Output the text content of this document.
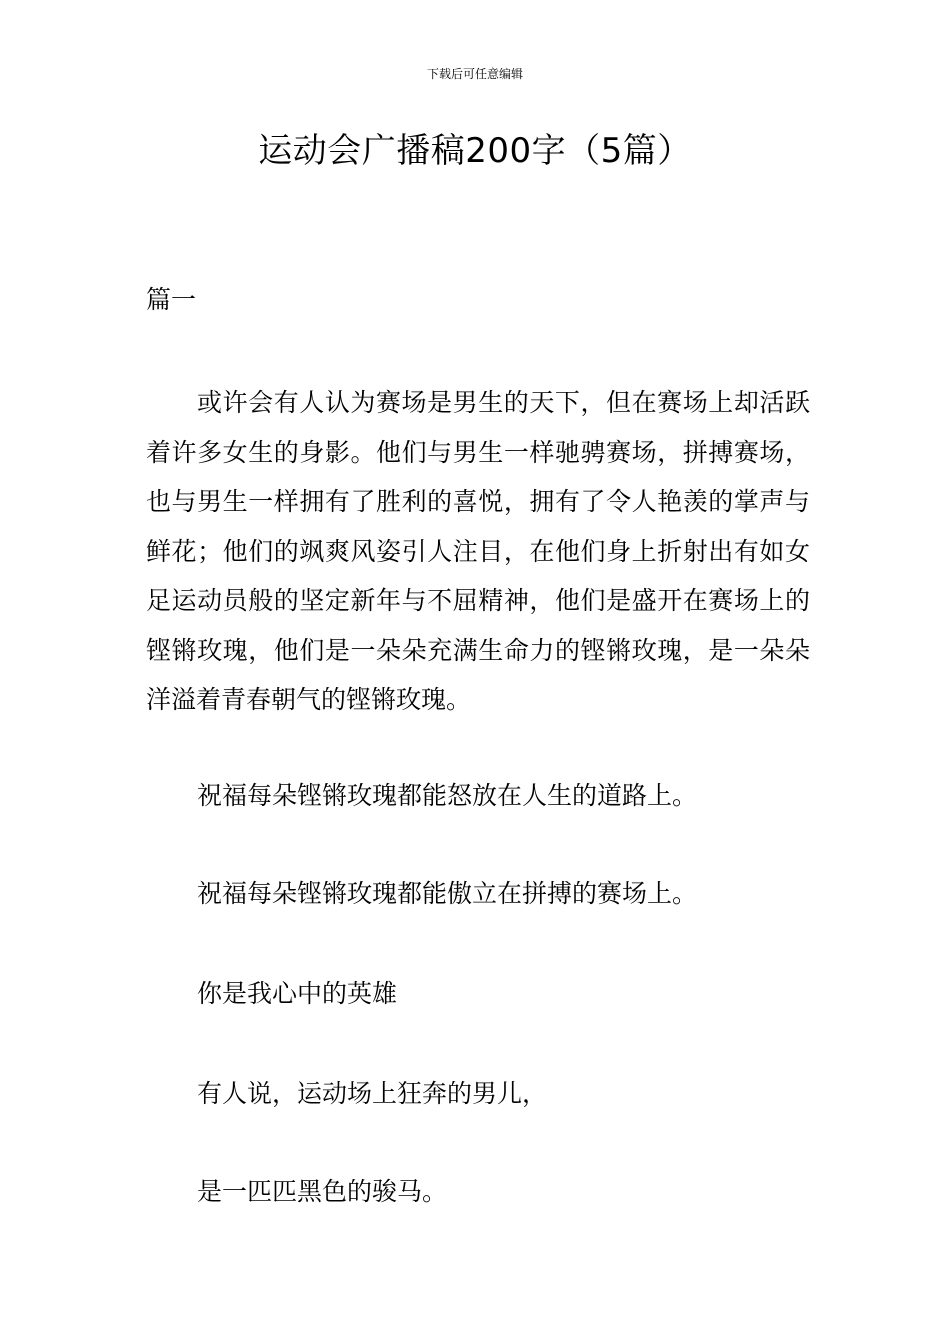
下载后可任意编辑
运动会广播稿200字（5篇）
篇一

或许会有人认为赛场是男生的天下，但在赛场上却活跃着许多女生的身影。他们与男生一样驰骋赛场，拼搏赛场，也与男生一样拥有了胜利的喜悦，拥有了令人艳羡的掌声与鲜花；他们的飒爽风姿引人注目，在他们身上折射出有如女足运动员般的坚定新年与不屈精神，他们是盛开在赛场上的铿锵玫瑰，他们是一朵朵充满生命力的铿锵玫瑰，是一朵朵洋溢着青春朝气的铿锵玫瑰。

祝福每朵铿锵玫瑰都能怒放在人生的道路上。
祝福每朵铿锵玫瑰都能傲立在拼搏的赛场上。
你是我心中的英雄
有人说，运动场上狂奔的男儿，
是一匹匹黑色的骏马。
